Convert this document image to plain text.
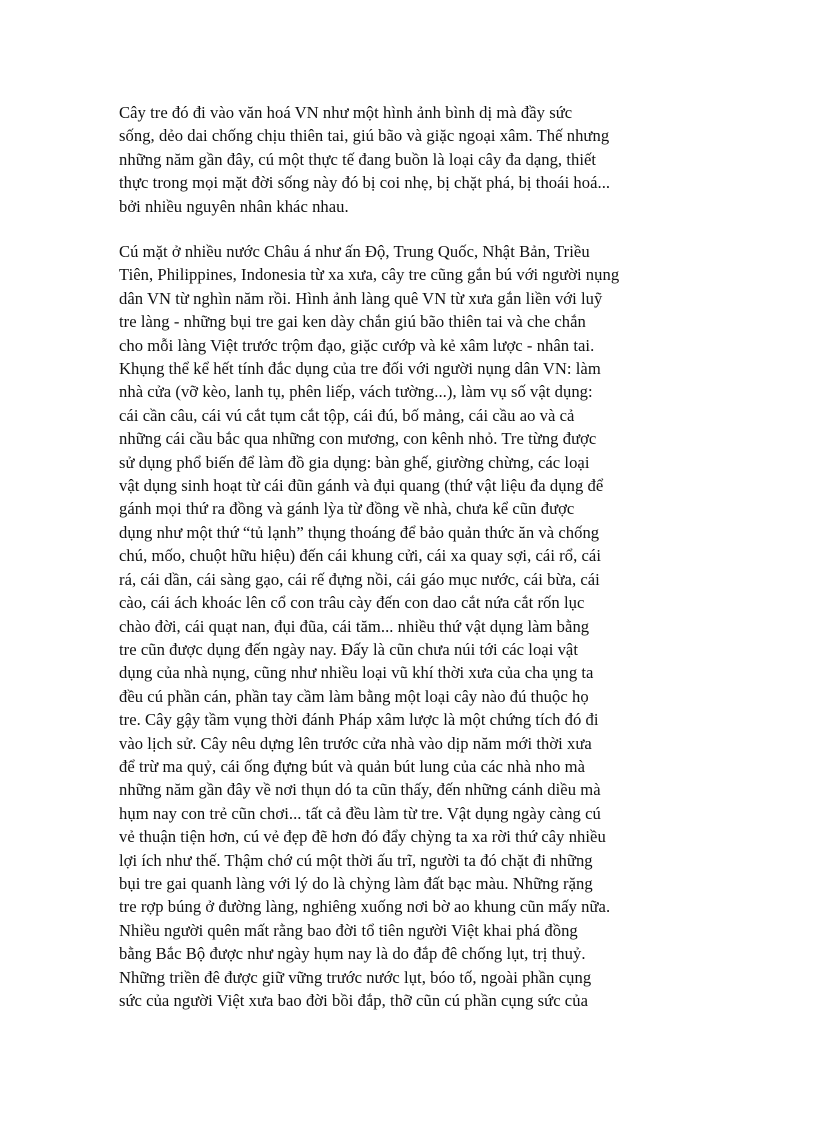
Cây tre đó đi vào văn hoá VN như một hình ảnh bình dị mà đầy sức
sống, dẻo dai chống chịu thiên tai, giú bão và giặc ngoại xâm. Thế nhưng
những năm gần đây, cú một thực tế đang buồn là loại cây đa dạng, thiết
thực trong mọi mặt đời sống này đó bị coi nhẹ, bị chặt phá, bị thoái hoá...
bởi nhiều nguyên nhân khác nhau.
Cú mặt ở nhiều nước Châu á như ấn Độ, Trung Quốc, Nhật Bản, Triều
Tiên, Philippines, Indonesia từ xa xưa, cây tre cũng gắn bú với người nụng
dân VN từ nghìn năm rồi. Hình ảnh làng quê VN từ xưa gắn liền với luỹ
tre làng - những bụi tre gai ken dày chắn giú bão thiên tai và che chắn
cho mỗi làng Việt trước trộm đạo, giặc cướp và kẻ xâm lược - nhân tai.
Khụng thể kể hết tính đắc dụng của tre đối với người nụng dân VN: làm
nhà cửa (vỡ kèo, lanh tụ, phên liếp, vách tường...), làm vụ số vật dụng:
cái cần câu, cái vú cắt tụm cắt tộp, cái đú, bố mảng, cái cầu ao và cả
những cái cầu bắc qua những con mương, con kênh nhỏ. Tre từng được
sử dụng phổ biến để làm đồ gia dụng: bàn ghế, giường chừng, các loại
vật dụng sinh hoạt từ cái đũn gánh và đụi quang (thứ vật liệu đa dụng để
gánh mọi thứ ra đồng và gánh lỳa từ đồng về nhà, chưa kể cũn được
dụng như một thứ “tủ lạnh” thụng thoáng để bảo quản thức ăn và chống
chú, mốo, chuột hữu hiệu) đến cái khung cửi, cái xa quay sợi, cái rổ, cái
rá, cái dần, cái sàng gạo, cái rế đựng nồi, cái gáo mục nước, cái bừa, cái
cào, cái ách khoác lên cổ con trâu cày đến con dao cắt nứa cắt rốn lục
chào đời, cái quạt nan, đụi đũa, cái tăm... nhiều thứ vật dụng làm bằng
tre cũn được dụng đến ngày nay. Đấy là cũn chưa núi tới các loại vật
dụng của nhà nụng, cũng như nhiều loại vũ khí thời xưa của cha ụng ta
đều cú phần cán, phần tay cầm làm bằng một loại cây nào đú thuộc họ
tre. Cây gậy tầm vụng thời đánh Pháp xâm lược là một chứng tích đó đi
vào lịch sử. Cây nêu dựng lên trước cửa nhà vào dịp năm mới thời xưa
để trừ ma quỷ, cái ống đựng bút và quản bút lung của các nhà nho mà
những năm gần đây về nơi thụn dó ta cũn thấy, đến những cánh diều mà
hụm nay con trẻ cũn chơi... tất cả đều làm từ tre. Vật dụng ngày càng cú
vẻ thuận tiện hơn, cú vẻ đẹp đẽ hơn đó đẩy chỳng ta xa rời thứ cây nhiều
lợi ích như thế. Thậm chớ cú một thời ấu trĩ, người ta đó chặt đi những
bụi tre gai quanh làng với lý do là chỳng làm đất bạc màu. Những rặng
tre rợp búng ở đường làng, nghiêng xuống nơi bờ ao khung cũn mấy nữa.
Nhiều người quên mất rằng bao đời tổ tiên người Việt khai phá đồng
bằng Bắc Bộ được như ngày hụm nay là do đắp đê chống lụt, trị thuỷ.
Những triền đê được giữ vững trước nước lụt, bóo tố, ngoài phần cụng
sức của người Việt xưa bao đời bồi đắp, thỡ cũn cú phần cụng sức của
